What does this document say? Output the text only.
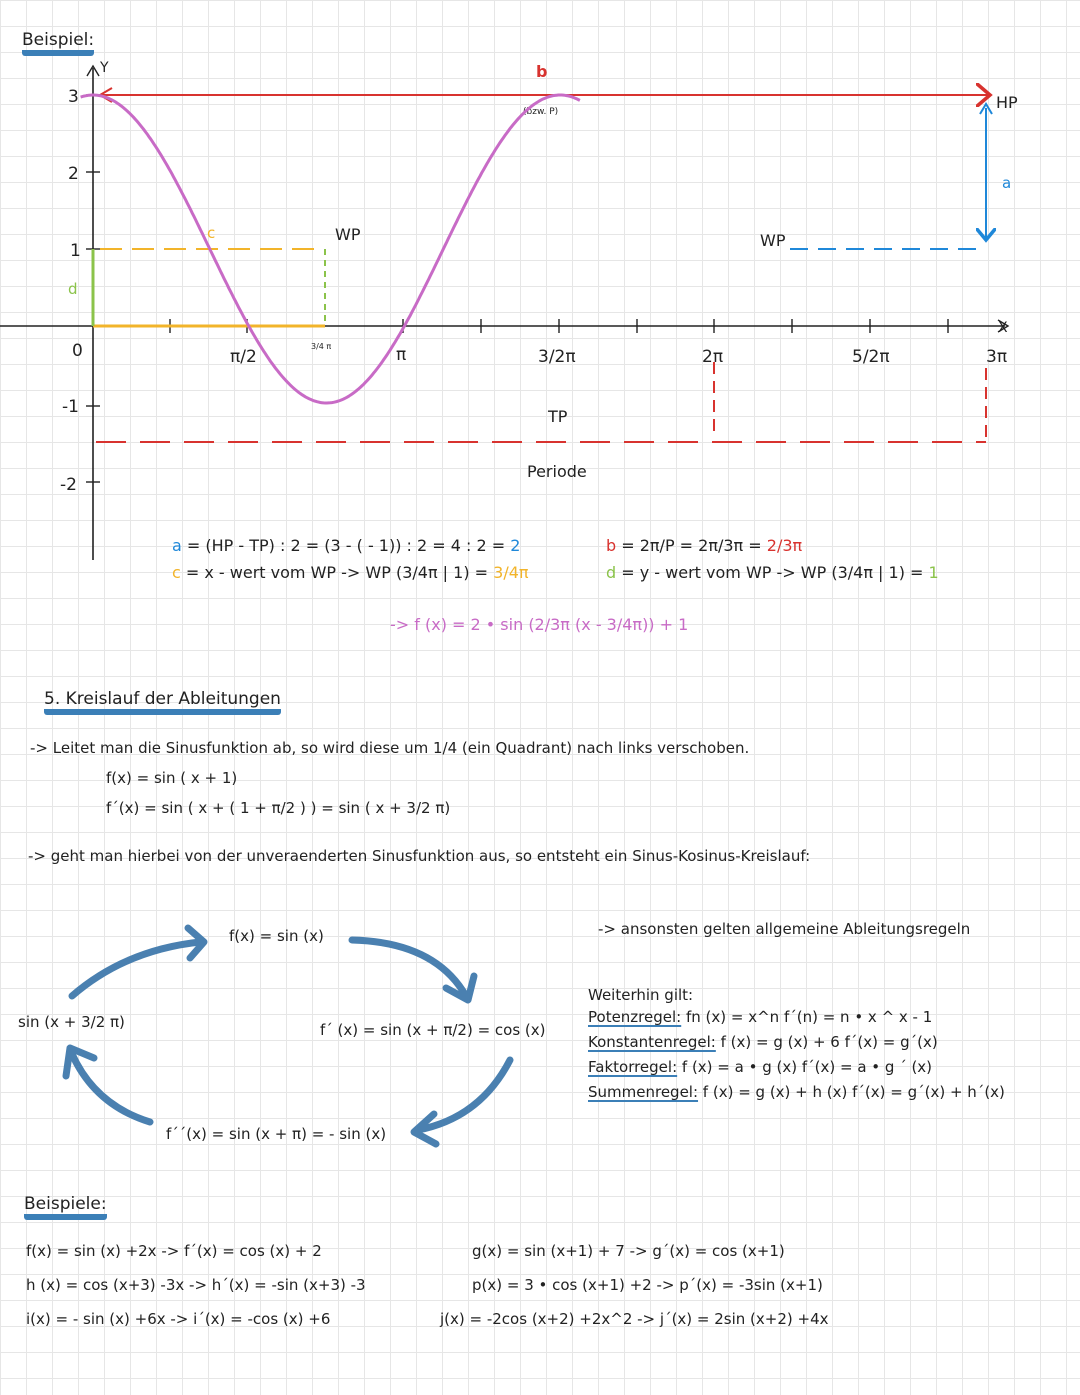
Beispiel:
Y
X
3
2
1
0
-1
-2
π/2
3/4 π	π	3/2π	2π	5/2π	3π
b
(bzw. P)	HP
a
c
d
Periode
WP	WP
TP
a = (HP - TP) : 2 = (3 - ( - 1)) : 2 = 4 : 2 = 2	b = 2π/P = 2π/3π = 2/3π
c = x - wert vom WP -> WP (3/4π | 1) = 3/4π	d = y - wert vom WP -> WP (3/4π | 1) = 1
-> f (x) = 2 • sin (2/3π (x - 3/4π)) + 1
5. Kreislauf der Ableitungen
-> Leitet man die Sinusfunktion ab, so wird diese um 1/4 (ein Quadrant) nach links verschoben.
f(x) = sin ( x + 1)
f´(x) = sin ( x + ( 1 + π/2 ) ) = sin ( x + 3/2 π)
-> geht man hierbei von der unveraenderten Sinusfunktion aus, so entsteht ein Sinus-Kosinus-Kreislauf:
f(x) = sin (x)
f´ (x) = sin (x + π/2) = cos (x)
f´´(x) = sin (x + π) = - sin (x)
sin (x + 3/2 π)
-> ansonsten gelten allgemeine Ableitungsregeln
Weiterhin gilt:
Potenzregel: fn (x) = x^n f´(n) = n • x ^ x - 1
Konstantenregel: f (x) = g (x) + 6 f´(x) = g´(x)
Faktorregel: f (x) = a • g (x) f´(x) = a • g ´ (x)
Summenregel: f (x) = g (x) + h (x) f´(x) = g´(x) + h´(x)
Beispiele:
f(x) = sin (x) +2x -> f´(x) = cos (x) + 2
h (x) = cos (x+3) -3x -> h´(x) = -sin (x+3) -3
i(x) = - sin (x) +6x -> i´(x) = -cos (x) +6
g(x) = sin (x+1) + 7 -> g´(x) = cos (x+1)
p(x) = 3 • cos (x+1) +2 -> p´(x) = -3sin (x+1)
j(x) = -2cos (x+2) +2x^2 -> j´(x) = 2sin (x+2) +4x
